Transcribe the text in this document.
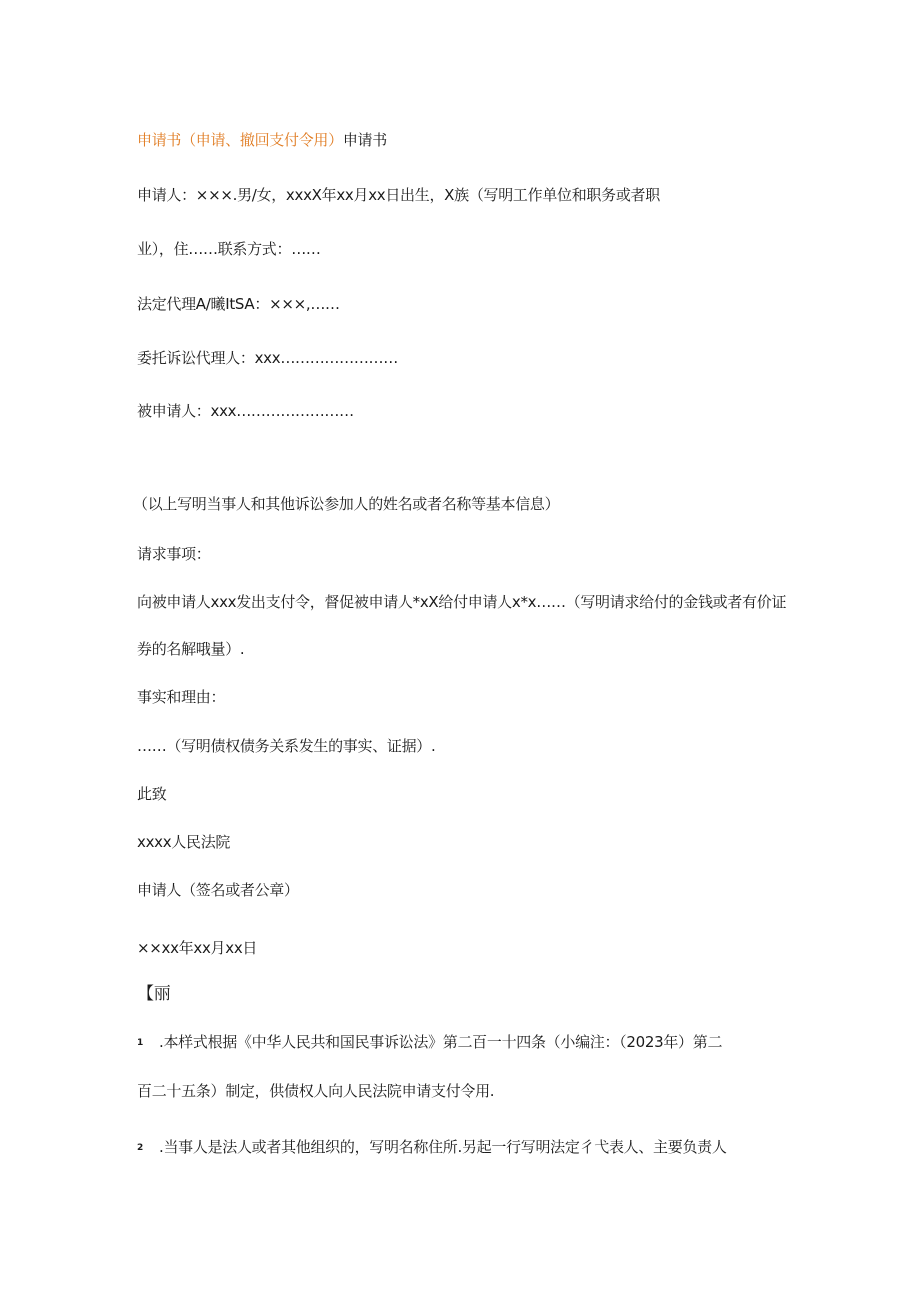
申请书（申请、撤回支付令用）申请书
申请人：×××.男/女，xxxX年xx月xx日出生，X族（写明工作单位和职务或者职
业），住……联系方式：……
法定代理A/曦ItSA：×××,……
委托诉讼代理人：xxx……………………
被申请人：xxx……………………
（以上写明当事人和其他诉讼参加人的姓名或者名称等基本信息）
请求事项：
向被申请人xxx发出支付令，督促被申请人*xX给付申请人x*x……（写明请求给付的金钱或者有价证
券的名解哦量）.
事实和理由：
……（写明债权债务关系发生的事实、证据）.
此致
xxxx人民法院
申请人（签名或者公章）
××xx年xx月xx日
【丽
1 .本样式根据《中华人民共和国民事诉讼法》第二百一十四条（小编注：（2023年）第二
百二十五条）制定，供债权人向人民法院申请支付令用.
2 .当事人是法人或者其他组织的，写明名称住所.另起一行写明法定彳弋表人、主要负责人
